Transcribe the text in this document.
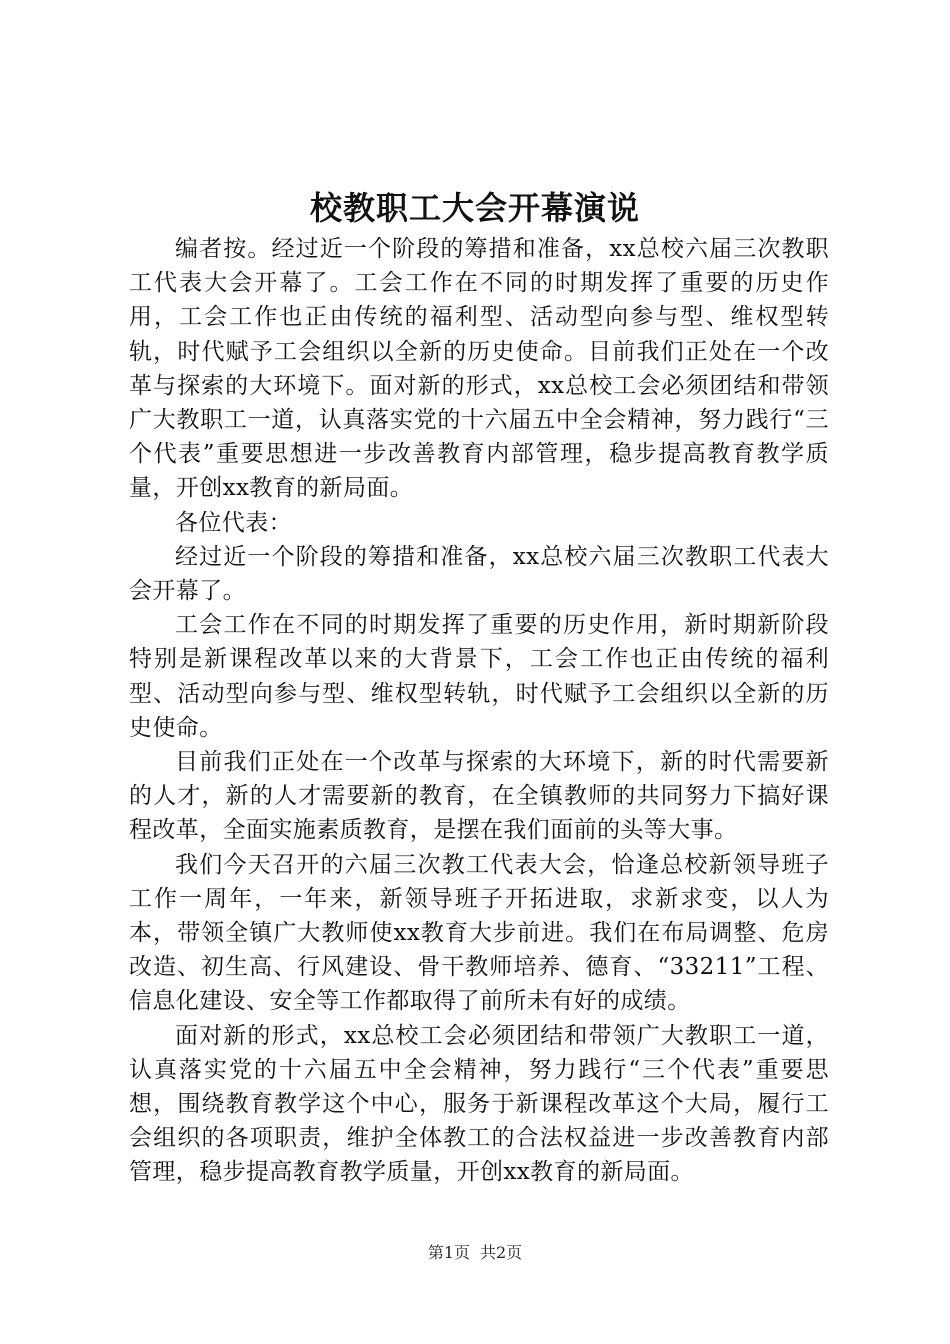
校教职工大会开幕演说

编者按。经过近一个阶段的筹措和准备，xx总校六届三次教职工代表大会开幕了。工会工作在不同的时期发挥了重要的历史作用，工会工作也正由传统的福利型、活动型向参与型、维权型转轨，时代赋予工会组织以全新的历史使命。目前我们正处在一个改革与探索的大环境下。面对新的形式，xx总校工会必须团结和带领广大教职工一道，认真落实党的十六届五中全会精神，努力践行“三个代表”重要思想进一步改善教育内部管理，稳步提高教育教学质量，开创xx教育的新局面。

各位代表：

经过近一个阶段的筹措和准备，xx总校六届三次教职工代表大会开幕了。

工会工作在不同的时期发挥了重要的历史作用，新时期新阶段特别是新课程改革以来的大背景下，工会工作也正由传统的福利型、活动型向参与型、维权型转轨，时代赋予工会组织以全新的历史使命。

目前我们正处在一个改革与探索的大环境下，新的时代需要新的人才，新的人才需要新的教育，在全镇教师的共同努力下搞好课程改革，全面实施素质教育，是摆在我们面前的头等大事。

我们今天召开的六届三次教工代表大会，恰逢总校新领导班子工作一周年，一年来，新领导班子开拓进取，求新求变，以人为本，带领全镇广大教师使xx教育大步前进。我们在布局调整、危房改造、初生高、行风建设、骨干教师培养、德育、“33211”工程、信息化建设、安全等工作都取得了前所未有好的成绩。

面对新的形式，xx总校工会必须团结和带领广大教职工一道，认真落实党的十六届五中全会精神，努力践行“三个代表”重要思想，围绕教育教学这个中心，服务于新课程改革这个大局，履行工会组织的各项职责，维护全体教工的合法权益进一步改善教育内部管理，稳步提高教育教学质量，开创xx教育的新局面。

第1页 共2页
